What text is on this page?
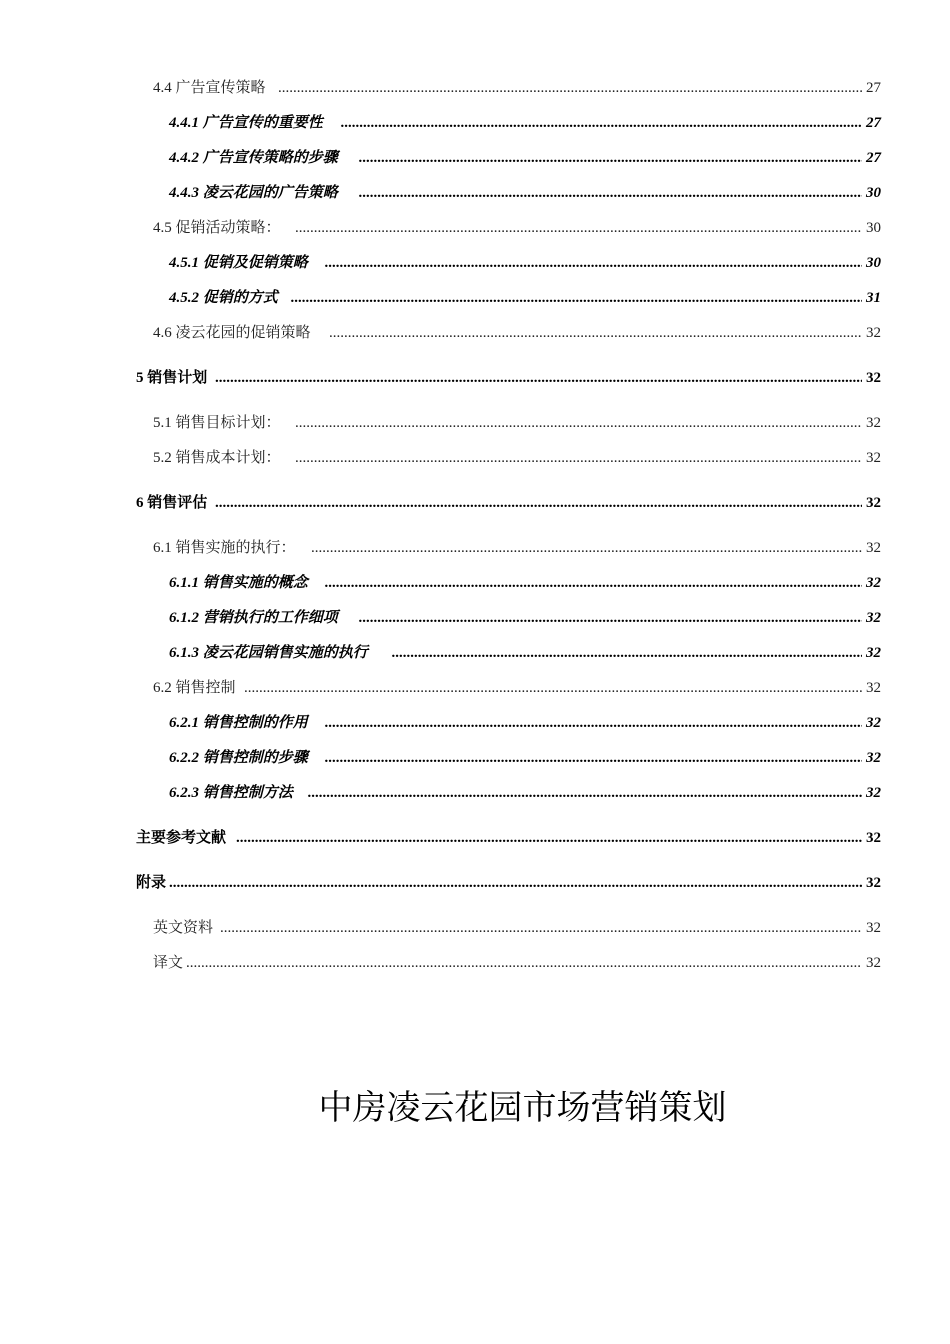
4.4 广告宣传策略 .....	27
4.4.1 广告宣传的重要性 .....	27
4.4.2 广告宣传策略的步骤 .....	27
4.4.3 凌云花园的广告策略 .....	30
4.5 促销活动策略： .....	30
4.5.1 促销及促销策略 .....	30
4.5.2 促销的方式 .....	31
4.6 凌云花园的促销策略 .....	32
5 销售计划 .....	32
5.1 销售目标计划： .....	32
5.2 销售成本计划： .....	32
6 销售评估 .....	32
6.1 销售实施的执行： .....	32
6.1.1 销售实施的概念 .....	32
6.1.2 营销执行的工作细项 .....	32
6.1.3 凌云花园销售实施的执行 .....	32
6.2 销售控制 .....	32
6.2.1 销售控制的作用 .....	32
6.2.2 销售控制的步骤 .....	32
6.2.3 销售控制方法 .....	32
主要参考文献 .....	32
附录 .....	32
英文资料 .....	32
译文 .....	32
中房凌云花园市场营销策划
